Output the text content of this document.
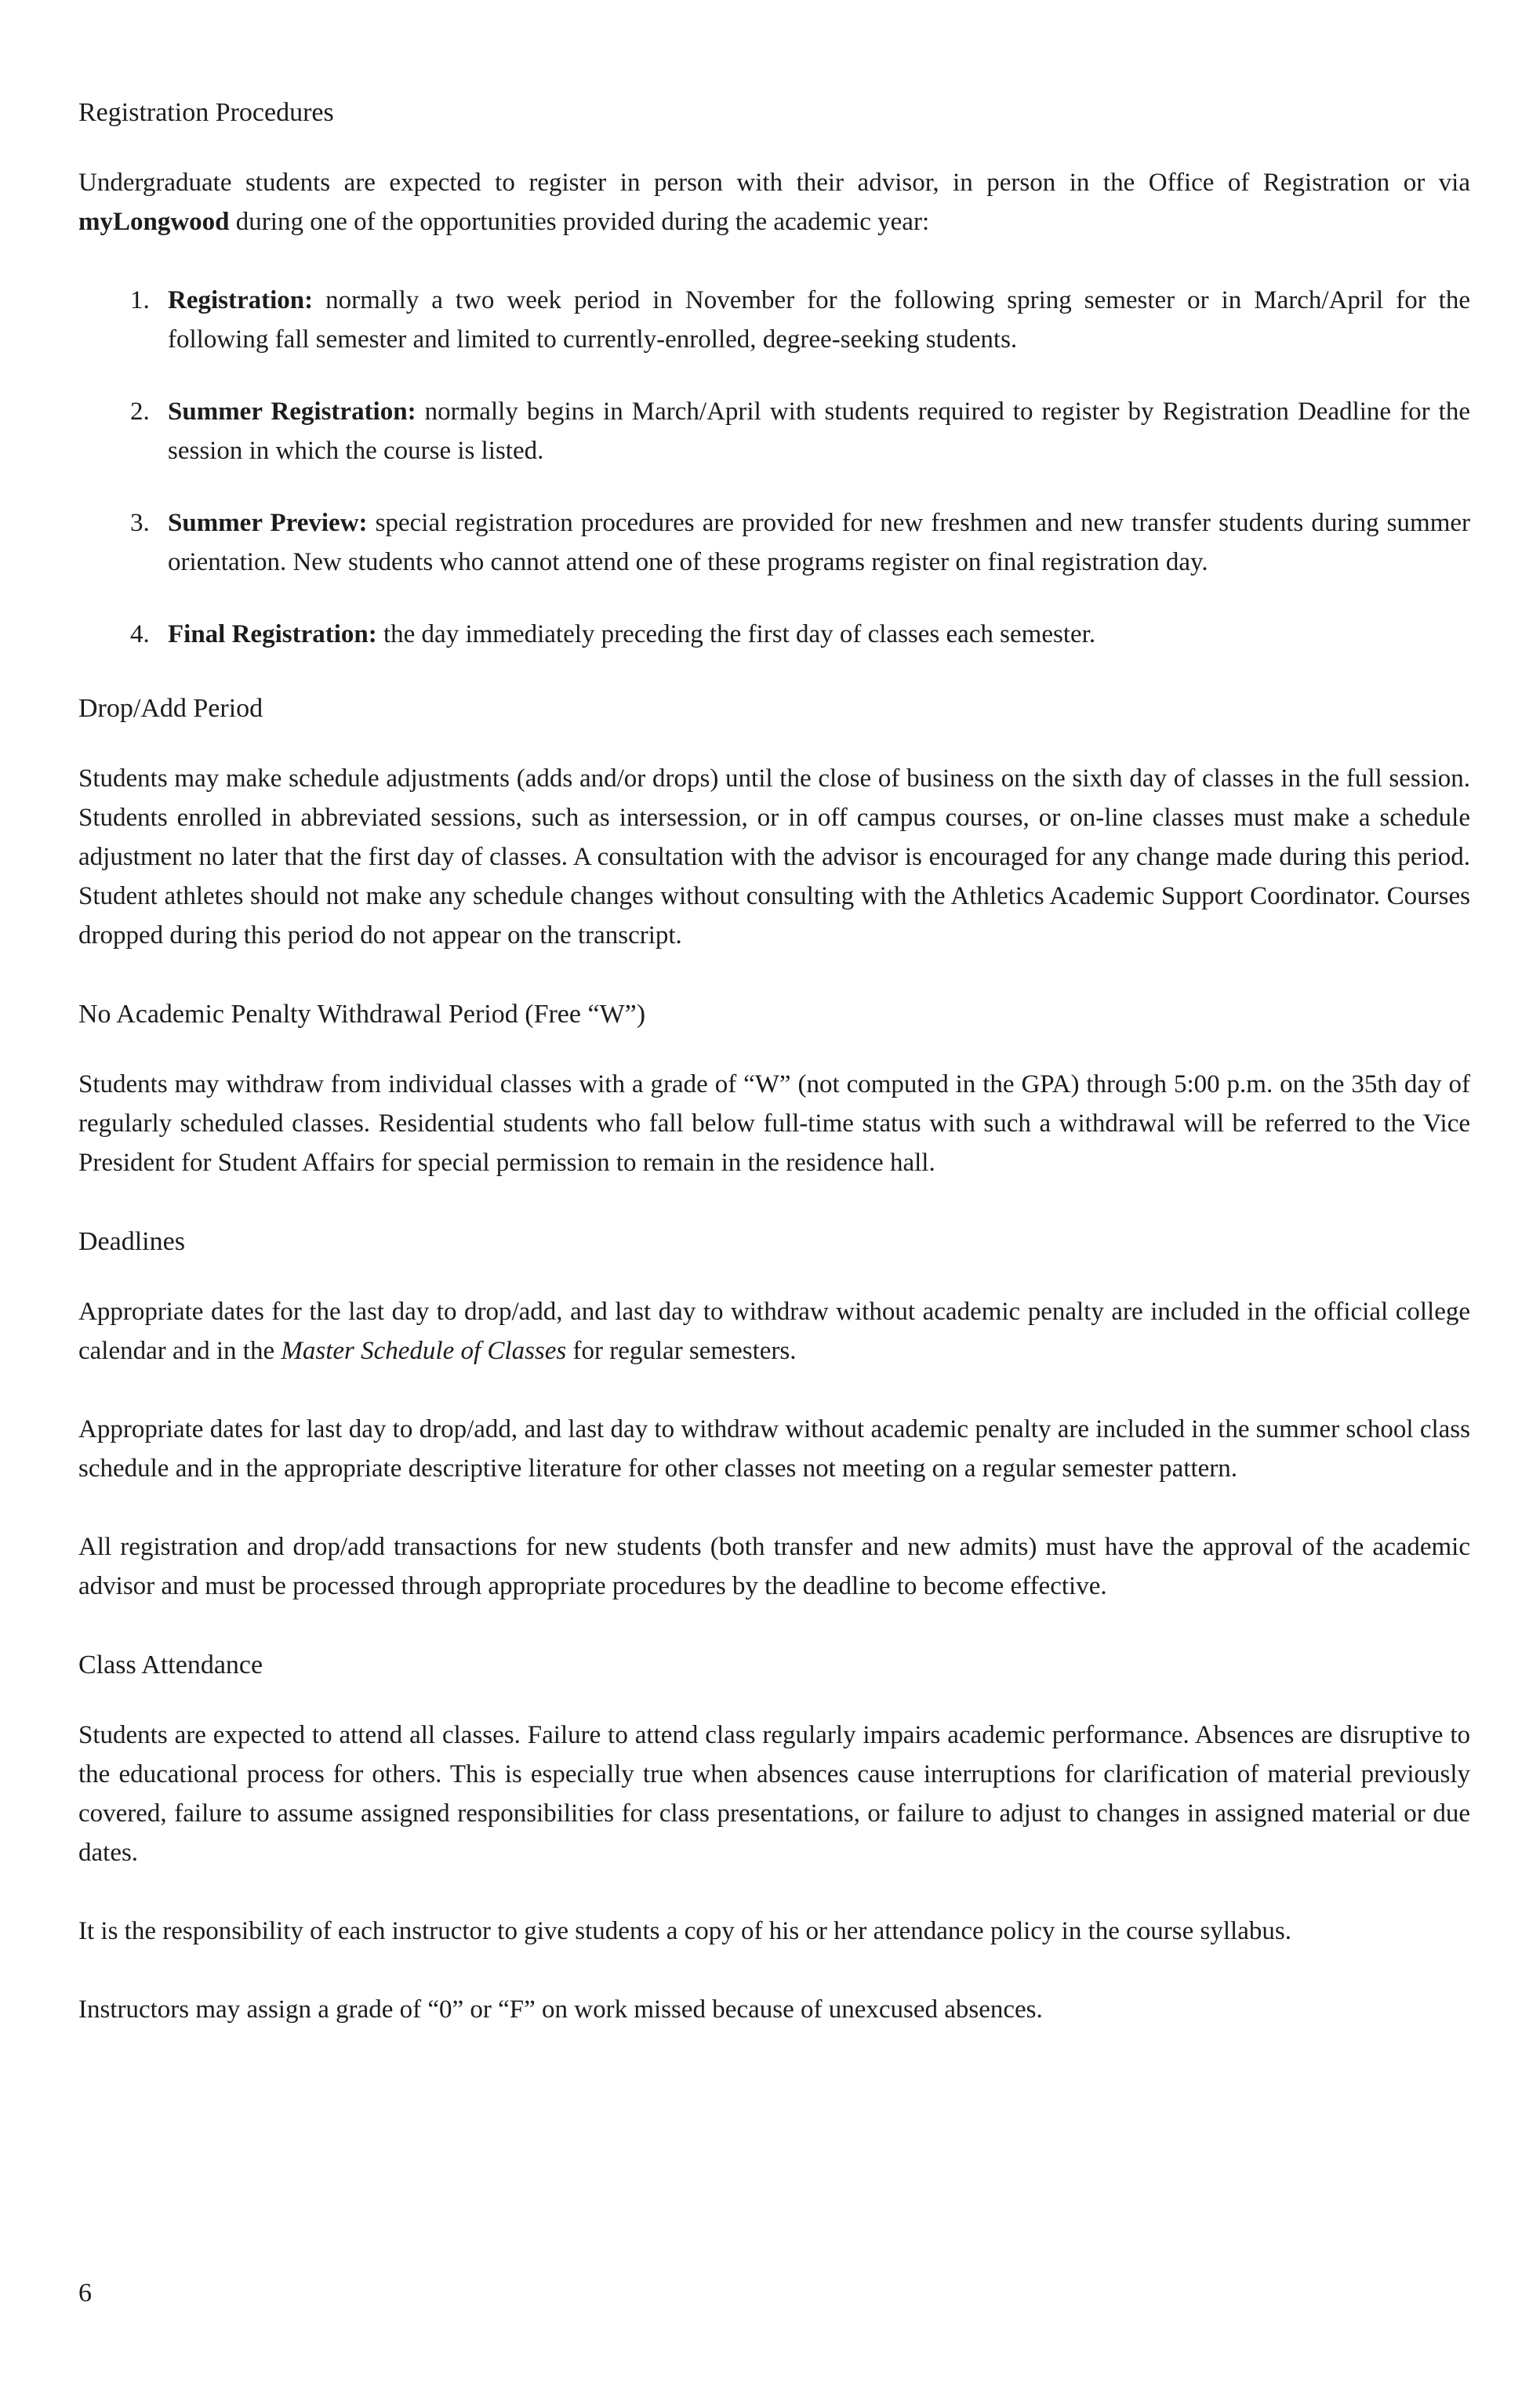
Registration Procedures

Undergraduate students are expected to register in person with their advisor, in person in the Office of Registration or via myLongwood during one of the opportunities provided during the academic year:

1. Registration: normally a two week period in November for the following spring semester or in March/April for the following fall semester and limited to currently-enrolled, degree-seeking students.
2. Summer Registration: normally begins in March/April with students required to register by Registration Deadline for the session in which the course is listed.
3. Summer Preview: special registration procedures are provided for new freshmen and new transfer students during summer orientation. New students who cannot attend one of these programs register on final registration day.
4. Final Registration: the day immediately preceding the first day of classes each semester.
Drop/Add Period

Students may make schedule adjustments (adds and/or drops) until the close of business on the sixth day of classes in the full session. Students enrolled in abbreviated sessions, such as intersession, or in off campus courses, or on-line classes must make a schedule adjustment no later that the first day of classes. A consultation with the advisor is encouraged for any change made during this period. Student athletes should not make any schedule changes without consulting with the Athletics Academic Support Coordinator. Courses dropped during this period do not appear on the transcript.

No Academic Penalty Withdrawal Period (Free “W”)

Students may withdraw from individual classes with a grade of “W” (not computed in the GPA) through 5:00 p.m. on the 35th day of regularly scheduled classes. Residential students who fall below full-time status with such a withdrawal will be referred to the Vice President for Student Affairs for special permission to remain in the residence hall.

Deadlines

Appropriate dates for the last day to drop/add, and last day to withdraw without academic penalty are included in the official college calendar and in the Master Schedule of Classes for regular semesters.

Appropriate dates for last day to drop/add, and last day to withdraw without academic penalty are included in the summer school class schedule and in the appropriate descriptive literature for other classes not meeting on a regular semester pattern.

All registration and drop/add transactions for new students (both transfer and new admits) must have the approval of the academic advisor and must be processed through appropriate procedures by the deadline to become effective.

Class Attendance

Students are expected to attend all classes. Failure to attend class regularly impairs academic performance. Absences are disruptive to the educational process for others. This is especially true when absences cause interruptions for clarification of material previously covered, failure to assume assigned responsibilities for class presentations, or failure to adjust to changes in assigned material or due dates.

It is the responsibility of each instructor to give students a copy of his or her attendance policy in the course syllabus.

Instructors may assign a grade of “0” or “F” on work missed because of unexcused absences.

6
